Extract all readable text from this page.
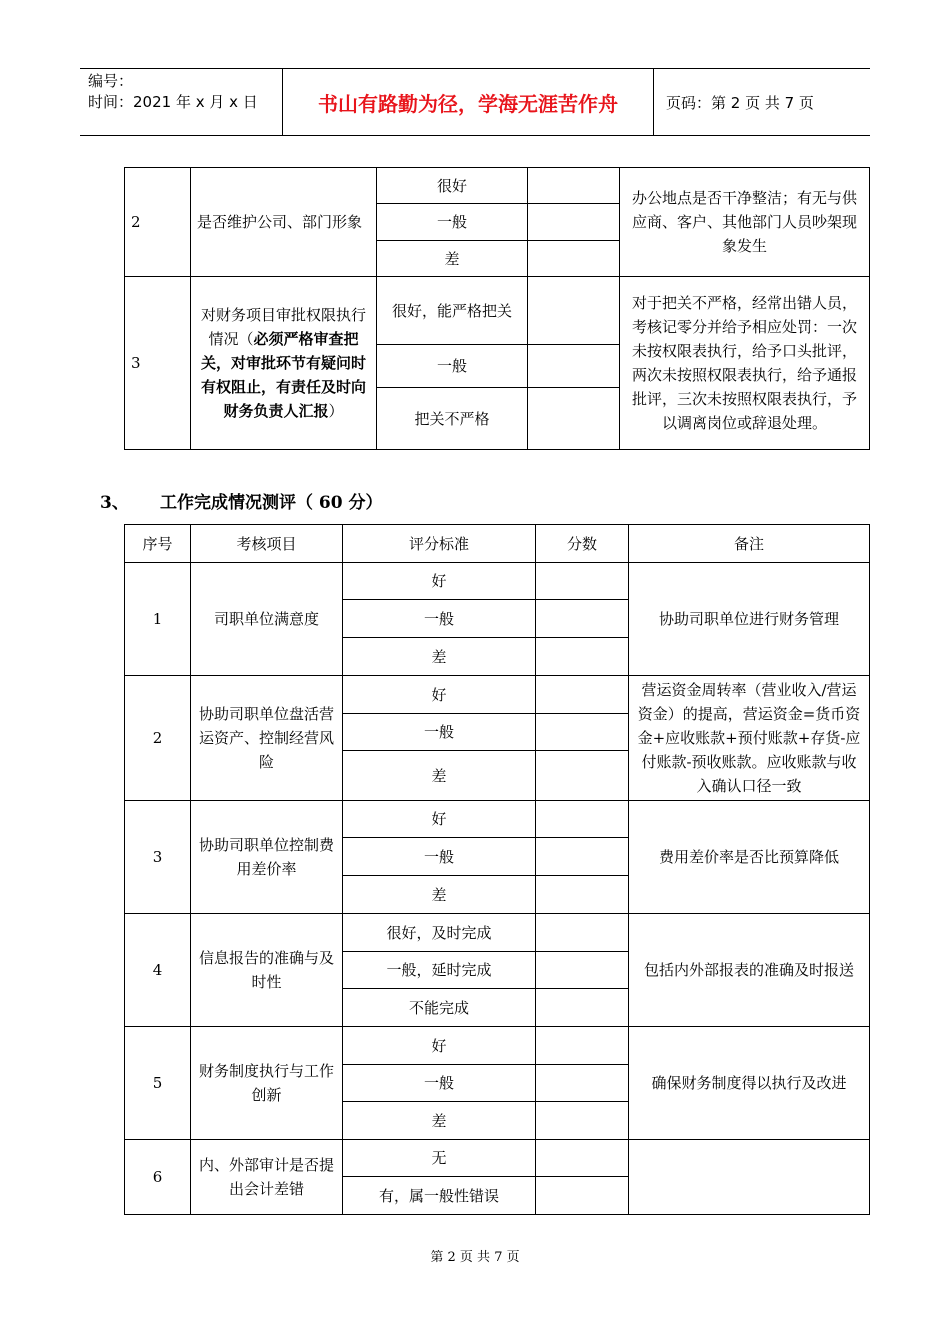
编号：
时间：2021 年 x 月 x 日	书山有路勤为径，学海无涯苦作舟	页码：第 2 页 共 7 页
2	是否维护公司、部门形象	很好		办公地点是否干净整洁；有无与供应商、客户、其他部门人员吵架现象发生
		一般		
		差		
3	对财务项目审批权限执行情况（必须严格审查把关，对审批环节有疑问时有权阻止，有责任及时向财务负责人汇报）	很好，能严格把关		对于把关不严格，经常出错人员，考核记零分并给予相应处罚：一次未按权限表执行，给予口头批评，两次未按照权限表执行，给予通报批评，三次未按照权限表执行，予以调离岗位或辞退处理。
		一般		
		把关不严格		
3、 工作完成情况测评（ 60 分）
序号	考核项目	评分标准	分数	备注
1	司职单位满意度	好		协助司职单位进行财务管理
		一般		
		差		
2	协助司职单位盘活营运资产、控制经营风险	好		营运资金周转率（营业收入/营运资金）的提高，营运资金=货币资金+应收账款+预付账款+存货-应付账款-预收账款。应收账款与收入确认口径一致
		一般		
		差		
3	协助司职单位控制费用差价率	好		费用差价率是否比预算降低
		一般		
		差		
4	信息报告的准确与及时性	很好，及时完成		包括内外部报表的准确及时报送
		一般，延时完成		
		不能完成		
5	财务制度执行与工作创新	好		确保财务制度得以执行及改进
		一般		
		差		
6	内、外部审计是否提出会计差错	无		
		有，属一般性错误		
第 2 页 共 7 页
